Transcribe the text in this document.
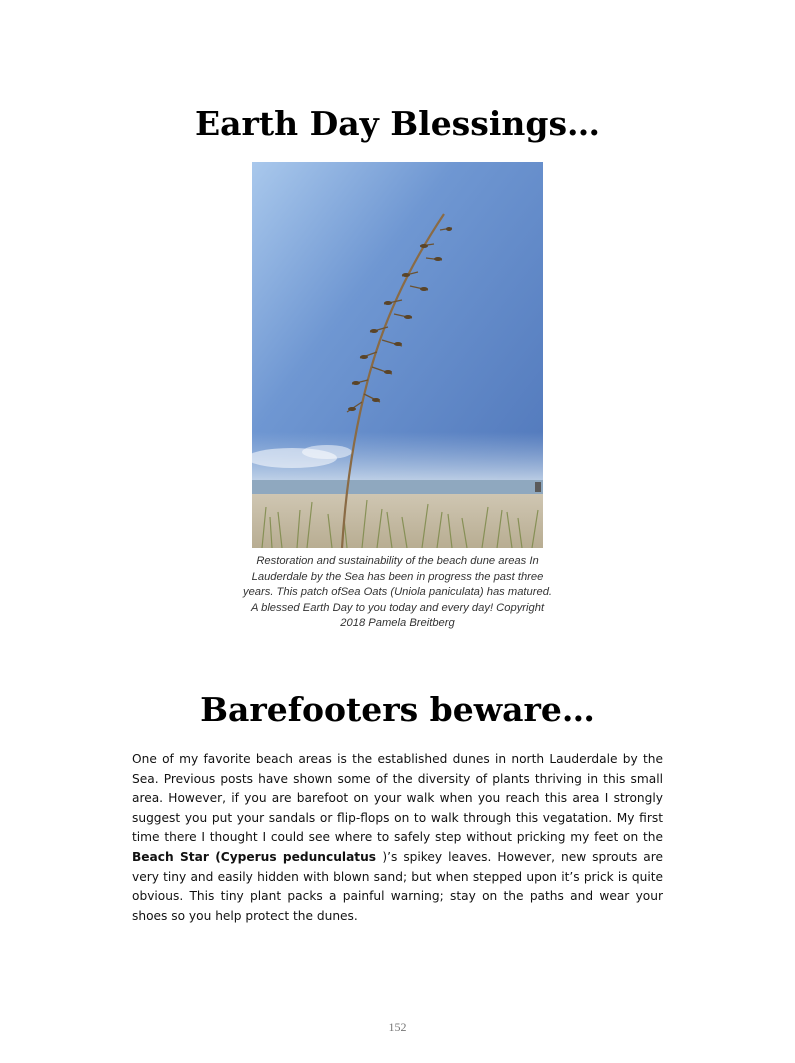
Earth Day Blessings…

Restoration and sustainability of the beach dune areas In Lauderdale by the Sea has been in progress the past three years. This patch ofSea Oats (Uniola paniculata) has matured. A blessed Earth Day to you today and every day! Copyright 2018 Pamela Breitberg

Barefooters beware…

One of my favorite beach areas is the established dunes in north Lauderdale by the Sea. Previous posts have shown some of the diversity of plants thriving in this small area. However, if you are barefoot on your walk when you reach this area I strongly suggest you put your sandals or flip-flops on to walk through this vegatation. My first time there I thought I could see where to safely step without pricking my feet on the Beach Star (Cyperus pedunculatus )’s spikey leaves. However, new sprouts are very tiny and easily hidden with blown sand; but when stepped upon it’s prick is quite obvious. This tiny plant packs a painful warning; stay on the paths and wear your shoes so you help protect the dunes.

152
